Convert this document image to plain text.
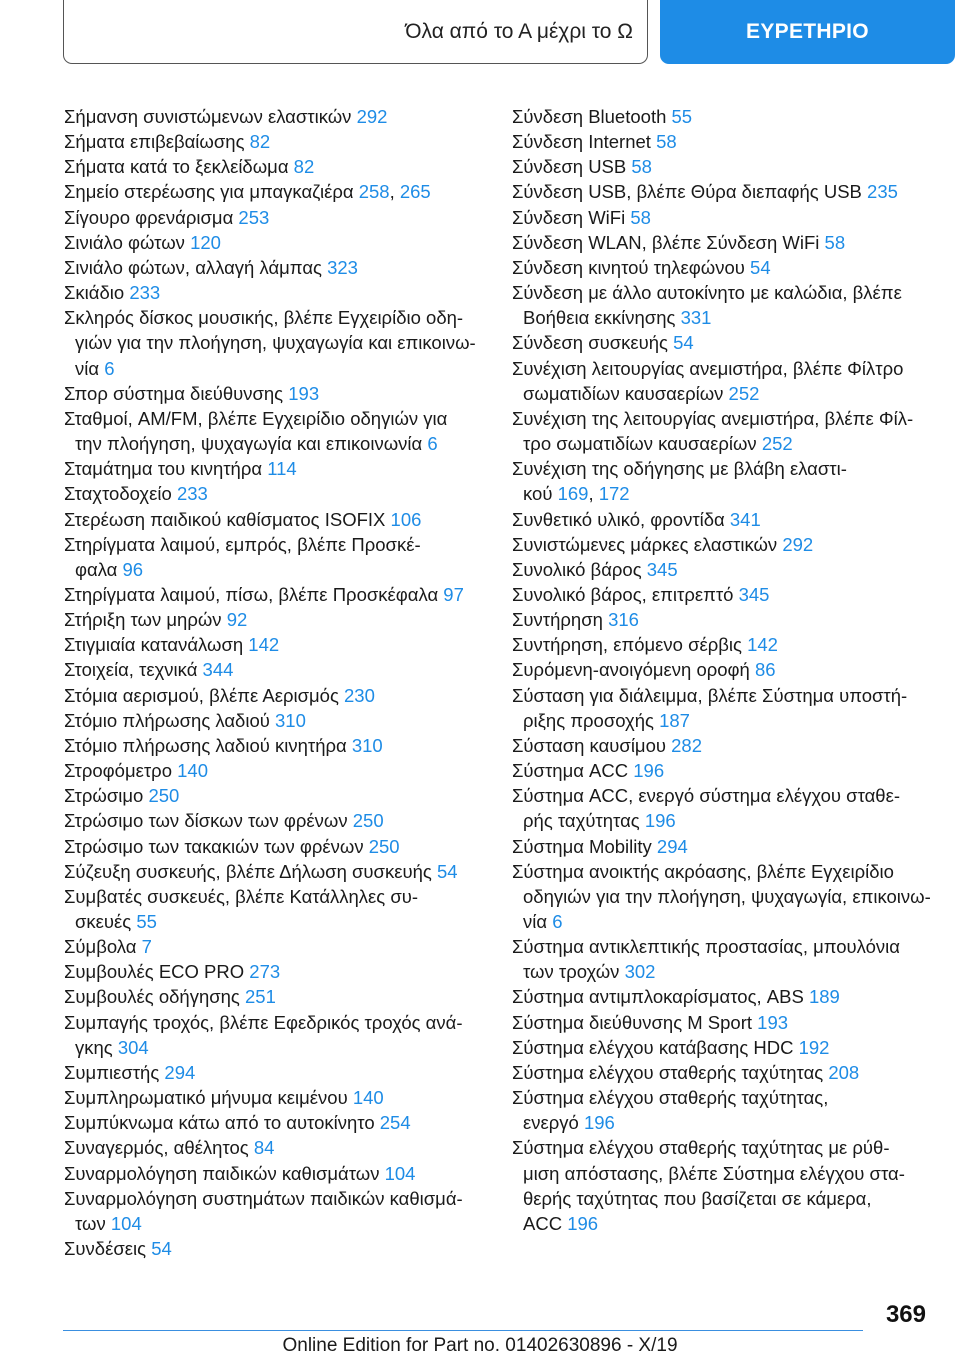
Όλα από το Α μέχρι το Ω	ΕΥΡΕΤΗΡΙΟ
Σήμανση συνιστώμενων ελαστικών 292
Σήματα επιβεβαίωσης 82
Σήματα κατά το ξεκλείδωμα 82
Σημείο στερέωσης για μπαγκαζιέρα 258, 265
Σίγουρο φρενάρισμα 253
Σινιάλο φώτων 120
Σινιάλο φώτων, αλλαγή λάμπας 323
Σκιάδιο 233
Σκληρός δίσκος μουσικής, βλέπε Εγχειρίδιο οδη‐
γιών για την πλοήγηση, ψυχαγωγία και επικοινω‐
νία 6
Σπορ σύστημα διεύθυνσης 193
Σταθμοί, AM/FM, βλέπε Εγχειρίδιο οδηγιών για
την πλοήγηση, ψυχαγωγία και επικοινωνία 6
Σταμάτημα του κινητήρα 114
Σταχτοδοχείο 233
Στερέωση παιδικού καθίσματος ISOFIX 106
Στηρίγματα λαιμού, εμπρός, βλέπε Προσκέ‐
φαλα 96
Στηρίγματα λαιμού, πίσω, βλέπε Προσκέφαλα 97
Στήριξη των μηρών 92
Στιγμιαία κατανάλωση 142
Στοιχεία, τεχνικά 344
Στόμια αερισμού, βλέπε Αερισμός 230
Στόμιο πλήρωσης λαδιού 310
Στόμιο πλήρωσης λαδιού κινητήρα 310
Στροφόμετρο 140
Στρώσιμο 250
Στρώσιμο των δίσκων των φρένων 250
Στρώσιμο των τακακιών των φρένων 250
Σύζευξη συσκευής, βλέπε Δήλωση συσκευής 54
Συμβατές συσκευές, βλέπε Κατάλληλες συ‐
σκευές 55
Σύμβολα 7
Συμβουλές ECO PRO 273
Συμβουλές οδήγησης 251
Συμπαγής τροχός, βλέπε Εφεδρικός τροχός ανά‐
γκης 304
Συμπιεστής 294
Συμπληρωματικό μήνυμα κειμένου 140
Συμπύκνωμα κάτω από το αυτοκίνητο 254
Συναγερμός, αθέλητος 84
Συναρμολόγηση παιδικών καθισμάτων 104
Συναρμολόγηση συστημάτων παιδικών καθισμά‐
των 104
Συνδέσεις 54
Σύνδεση Bluetooth 55
Σύνδεση Internet 58
Σύνδεση USB 58
Σύνδεση USB, βλέπε Θύρα διεπαφής USB 235
Σύνδεση WiFi 58
Σύνδεση WLAN, βλέπε Σύνδεση WiFi 58
Σύνδεση κινητού τηλεφώνου 54
Σύνδεση με άλλο αυτοκίνητο με καλώδια, βλέπε
Βοήθεια εκκίνησης 331
Σύνδεση συσκευής 54
Συνέχιση λειτουργίας ανεμιστήρα, βλέπε Φίλτρο
σωματιδίων καυσαερίων 252
Συνέχιση της λειτουργίας ανεμιστήρα, βλέπε Φίλ‐
τρο σωματιδίων καυσαερίων 252
Συνέχιση της οδήγησης με βλάβη ελαστι‐
κού 169, 172
Συνθετικό υλικό, φροντίδα 341
Συνιστώμενες μάρκες ελαστικών 292
Συνολικό βάρος 345
Συνολικό βάρος, επιτρεπτό 345
Συντήρηση 316
Συντήρηση, επόμενο σέρβις 142
Συρόμενη-ανοιγόμενη οροφή 86
Σύσταση για διάλειμμα, βλέπε Σύστημα υποστή‐
ριξης προσοχής 187
Σύσταση καυσίμου 282
Σύστημα ACC 196
Σύστημα ACC, ενεργό σύστημα ελέγχου σταθε‐
ρής ταχύτητας 196
Σύστημα Mobility 294
Σύστημα ανοικτής ακρόασης, βλέπε Εγχειρίδιο
οδηγιών για την πλοήγηση, ψυχαγωγία, επικοινω‐
νία 6
Σύστημα αντικλεπτικής προστασίας, μπουλόνια
των τροχών 302
Σύστημα αντιμπλοκαρίσματος, ABS 189
Σύστημα διεύθυνσης M Sport 193
Σύστημα ελέγχου κατάβασης HDC 192
Σύστημα ελέγχου σταθερής ταχύτητας 208
Σύστημα ελέγχου σταθερής ταχύτητας,
ενεργό 196
Σύστημα ελέγχου σταθερής ταχύτητας με ρύθ‐
μιση απόστασης, βλέπε Σύστημα ελέγχου στα‐
θερής ταχύτητας που βασίζεται σε κάμερα,
ACC 196
369
Online Edition for Part no. 01402630896 - X/19
